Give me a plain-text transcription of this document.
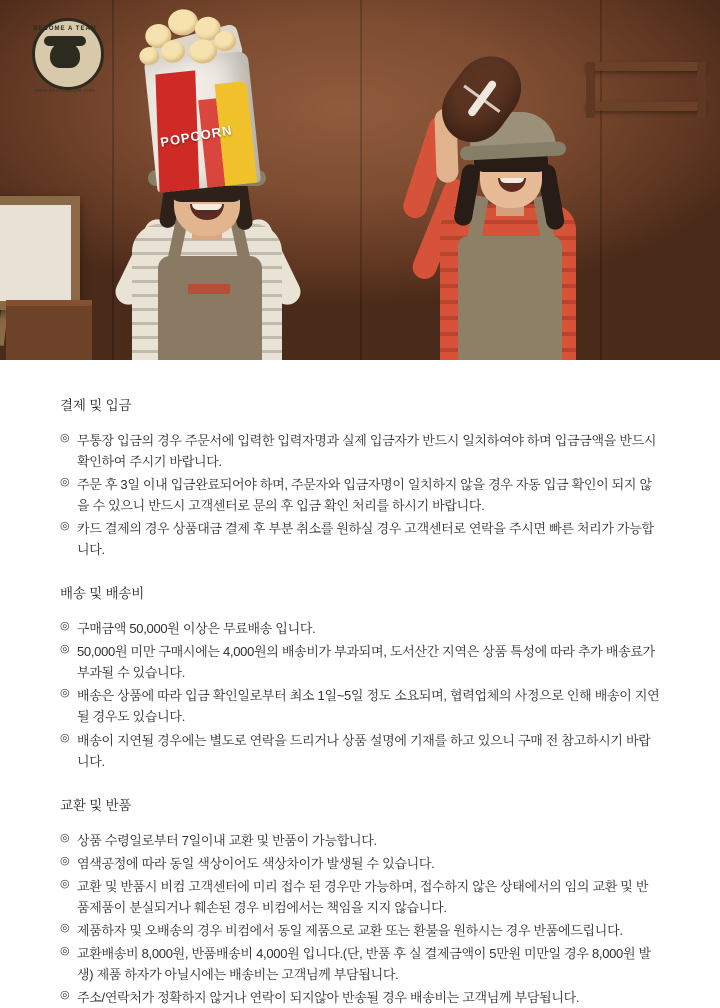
POPCORN
BECOME A TEAM
www.becomebym.com
결제 및 입금
◎ 무통장 입금의 경우 주문서에 입력한 입력자명과 실제 입금자가 반드시 일치하여야 하며 입금금액을 반드시 확인하여 주시기 바랍니다.
◎ 주문 후 3일 이내 입금완료되어야 하며, 주문자와 입금자명이 일치하지 않을 경우 자동 입금 확인이 되지 않을 수 있으니 반드시 고객센터로 문의 후 입금 확인 처리를 하시기 바랍니다.
◎ 카드 결제의 경우 상품대금 결제 후 부분 취소를 원하실 경우 고객센터로 연락을 주시면 빠른 처리가 가능합니다.
배송 및 배송비
◎ 구매금액 50,000원 이상은 무료배송 입니다.
◎ 50,000원 미만 구매시에는 4,000원의 배송비가 부과되며, 도서산간 지역은 상품 특성에 따라 추가 배송료가 부과될 수 있습니다.
◎ 배송은 상품에 따라 입금 확인일로부터 최소 1일~5일 정도 소요되며, 협력업체의 사정으로 인해 배송이 지연 될 경우도 있습니다.
◎ 배송이 지연될 경우에는 별도로 연락을 드리거나 상품 설명에 기재를 하고 있으니 구매 전 참고하시기 바랍니다.
교환 및 반품
◎ 상품 수령일로부터 7일이내 교환 및 반품이 가능합니다.
◎ 염색공정에 따라 동일 색상이어도 색상차이가 발생될 수 있습니다.
◎ 교환 및 반품시 비컴 고객센터에 미리 접수 된 경우만 가능하며, 접수하지 않은 상태에서의 임의 교환 및 반품제품이 분실되거나 훼손된 경우 비컴에서는 책임을 지지 않습니다.
◎ 제품하자 및 오배송의 경우 비컴에서 동일 제품으로 교환 또는 환불을 원하시는 경우 반품에드립니다.
◎ 교환배송비 8,000원, 반품배송비 4,000원 입니다.(단, 반품 후 실 결제금액이 5만원 미만일 경우 8,000원 발생) 제품 하자가 아닐시에는 배송비는 고객님께 부담됩니다.
◎ 주소/연락처가 정확하지 않거나 연락이 되지않아 반송될 경우 배송비는 고객님께 부담됩니다.
